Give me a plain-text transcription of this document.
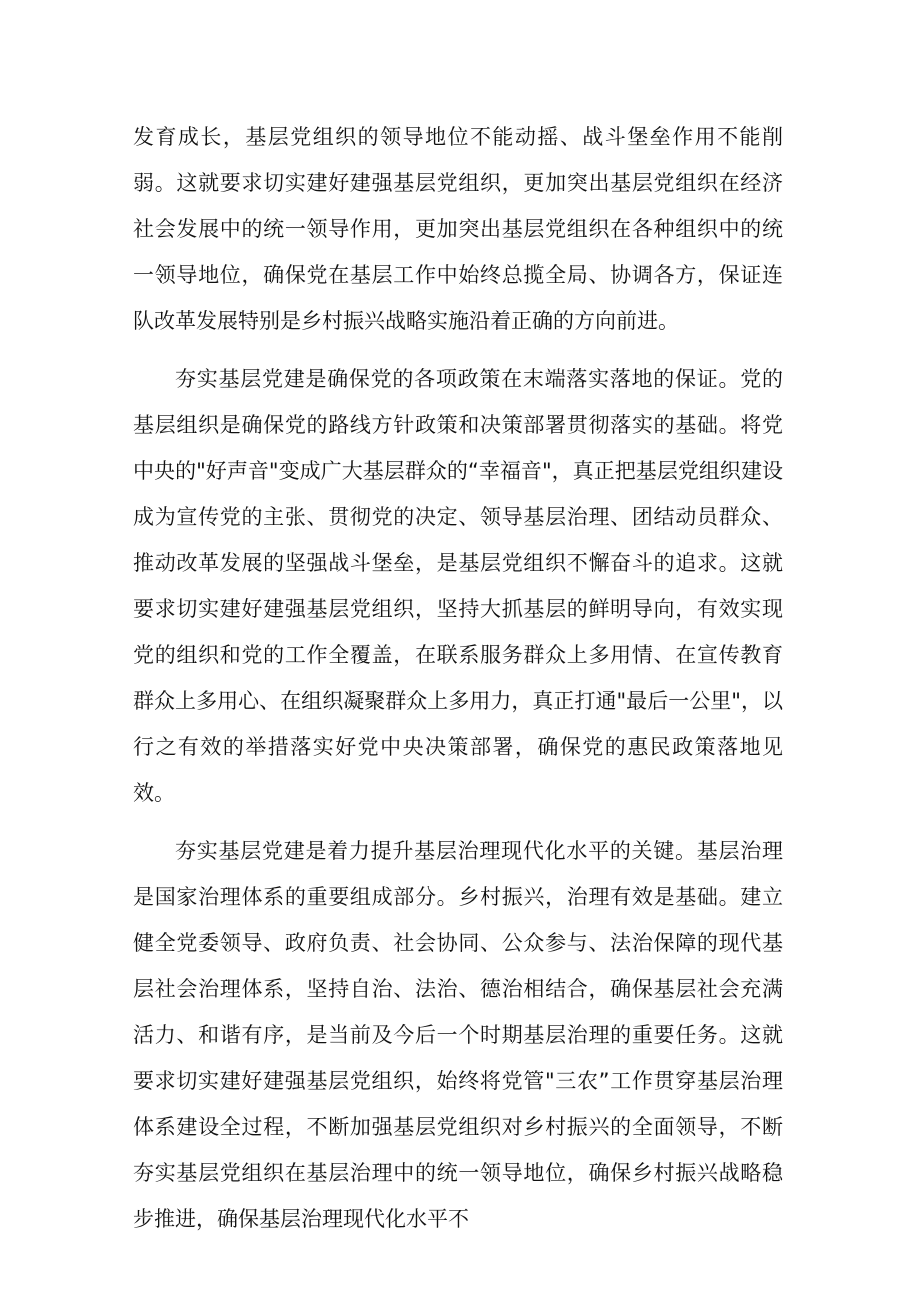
发育成长，基层党组织的领导地位不能动摇、战斗堡垒作用不能削弱。这就要求切实建好建强基层党组织，更加突出基层党组织在经济社会发展中的统一领导作用，更加突出基层党组织在各种组织中的统一领导地位，确保党在基层工作中始终总揽全局、协调各方，保证连队改革发展特别是乡村振兴战略实施沿着正确的方向前进。

夯实基层党建是确保党的各项政策在末端落实落地的保证。党的基层组织是确保党的路线方针政策和决策部署贯彻落实的基础。将党中央的"好声音"变成广大基层群众的“幸福音"，真正把基层党组织建设成为宣传党的主张、贯彻党的决定、领导基层治理、团结动员群众、推动改革发展的坚强战斗堡垒，是基层党组织不懈奋斗的追求。这就要求切实建好建强基层党组织，坚持大抓基层的鲜明导向，有效实现党的组织和党的工作全覆盖，在联系服务群众上多用情、在宣传教育群众上多用心、在组织凝聚群众上多用力，真正打通"最后一公里"，以行之有效的举措落实好党中央决策部署，确保党的惠民政策落地见效。

夯实基层党建是着力提升基层治理现代化水平的关键。基层治理是国家治理体系的重要组成部分。乡村振兴，治理有效是基础。建立健全党委领导、政府负责、社会协同、公众参与、法治保障的现代基层社会治理体系，坚持自治、法治、德治相结合，确保基层社会充满活力、和谐有序，是当前及今后一个时期基层治理的重要任务。这就要求切实建好建强基层党组织，始终将党管"三农”工作贯穿基层治理体系建设全过程，不断加强基层党组织对乡村振兴的全面领导，不断夯实基层党组织在基层治理中的统一领导地位，确保乡村振兴战略稳步推进，确保基层治理现代化水平不
